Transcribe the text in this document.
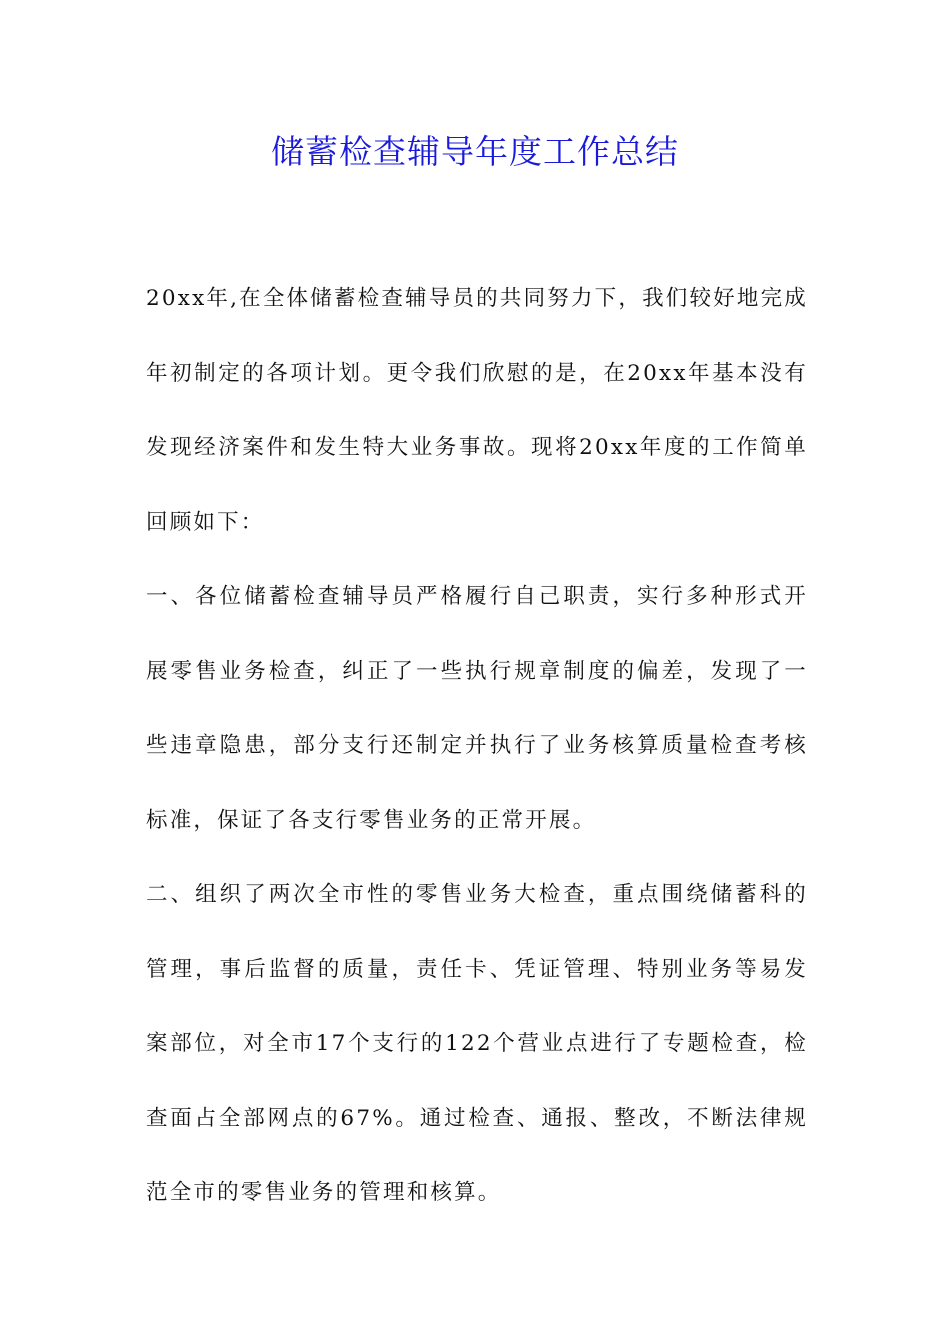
储蓄检查辅导年度工作总结

20xx年,在全体储蓄检查辅导员的共同努力下，我们较好地完成年初制定的各项计划。更令我们欣慰的是，在20xx年基本没有发现经济案件和发生特大业务事故。现将20xx年度的工作简单回顾如下：

一、各位储蓄检查辅导员严格履行自己职责，实行多种形式开展零售业务检查，纠正了一些执行规章制度的偏差，发现了一些违章隐患，部分支行还制定并执行了业务核算质量检查考核标准，保证了各支行零售业务的正常开展。

二、组织了两次全市性的零售业务大检查，重点围绕储蓄科的管理，事后监督的质量，责任卡、凭证管理、特别业务等易发案部位，对全市17个支行的122个营业点进行了专题检查，检查面占全部网点的67%。通过检查、通报、整改，不断法律规范全市的零售业务的管理和核算。
